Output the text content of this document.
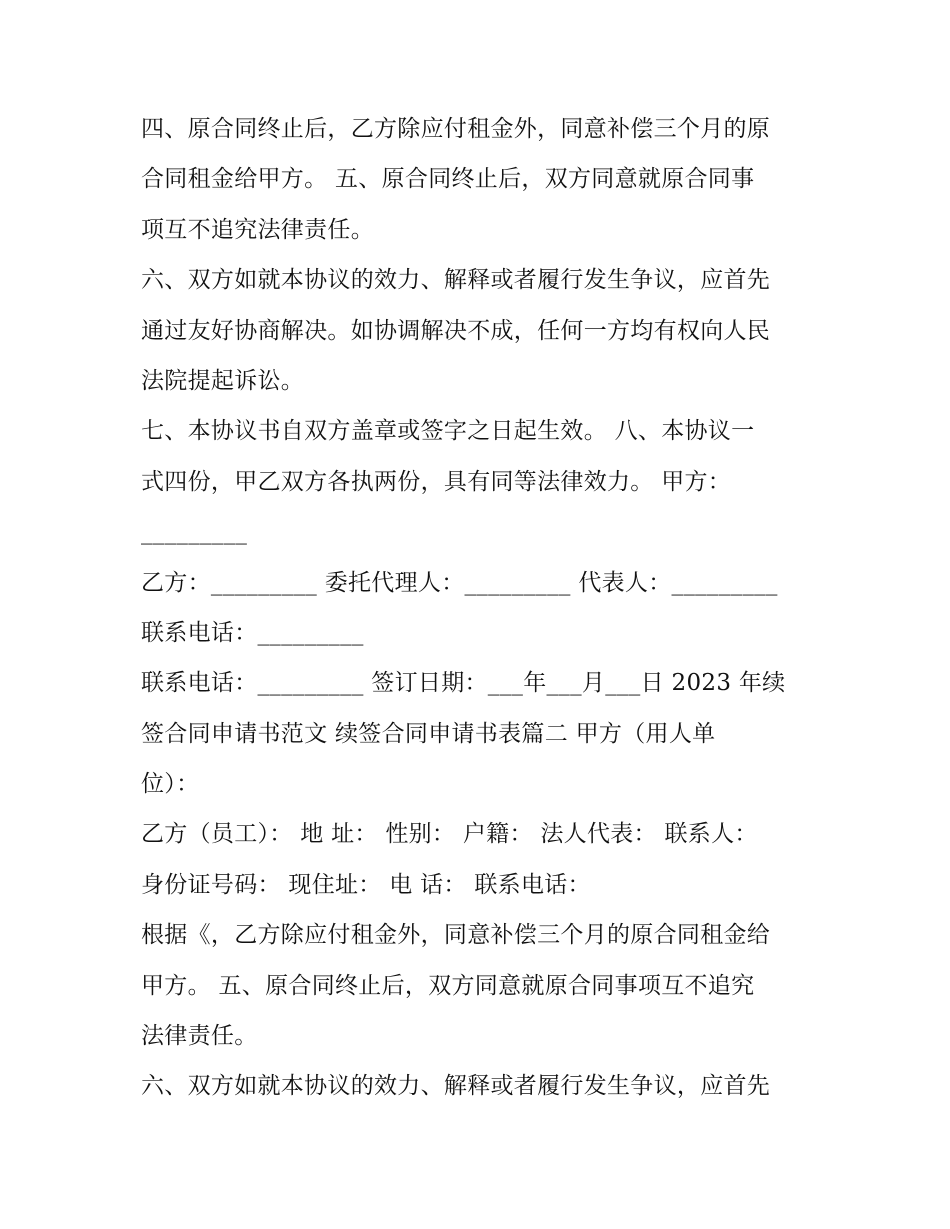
四、原合同终止后，乙方除应付租金外，同意补偿三个月的原
合同租金给甲方。 五、原合同终止后，双方同意就原合同事
项互不追究法律责任。
六、双方如就本协议的效力、解释或者履行发生争议，应首先
通过友好协商解决。如协调解决不成，任何一方均有权向人民
法院提起诉讼。
七、本协议书自双方盖章或签字之日起生效。 八、本协议一
式四份，甲乙双方各执两份，具有同等法律效力。 甲方：
_________
乙方：_________ 委托代理人：_________ 代表人：_________
联系电话：_________
联系电话：_________ 签订日期：___年___月___日 2023 年续
签合同申请书范文 续签合同申请书表篇二 甲方（用人单
位）：
乙方（员工）： 地 址： 性别： 户籍： 法人代表： 联系人：
身份证号码： 现住址： 电 话： 联系电话：
根据《，乙方除应付租金外，同意补偿三个月的原合同租金给
甲方。 五、原合同终止后，双方同意就原合同事项互不追究
法律责任。
六、双方如就本协议的效力、解释或者履行发生争议，应首先
